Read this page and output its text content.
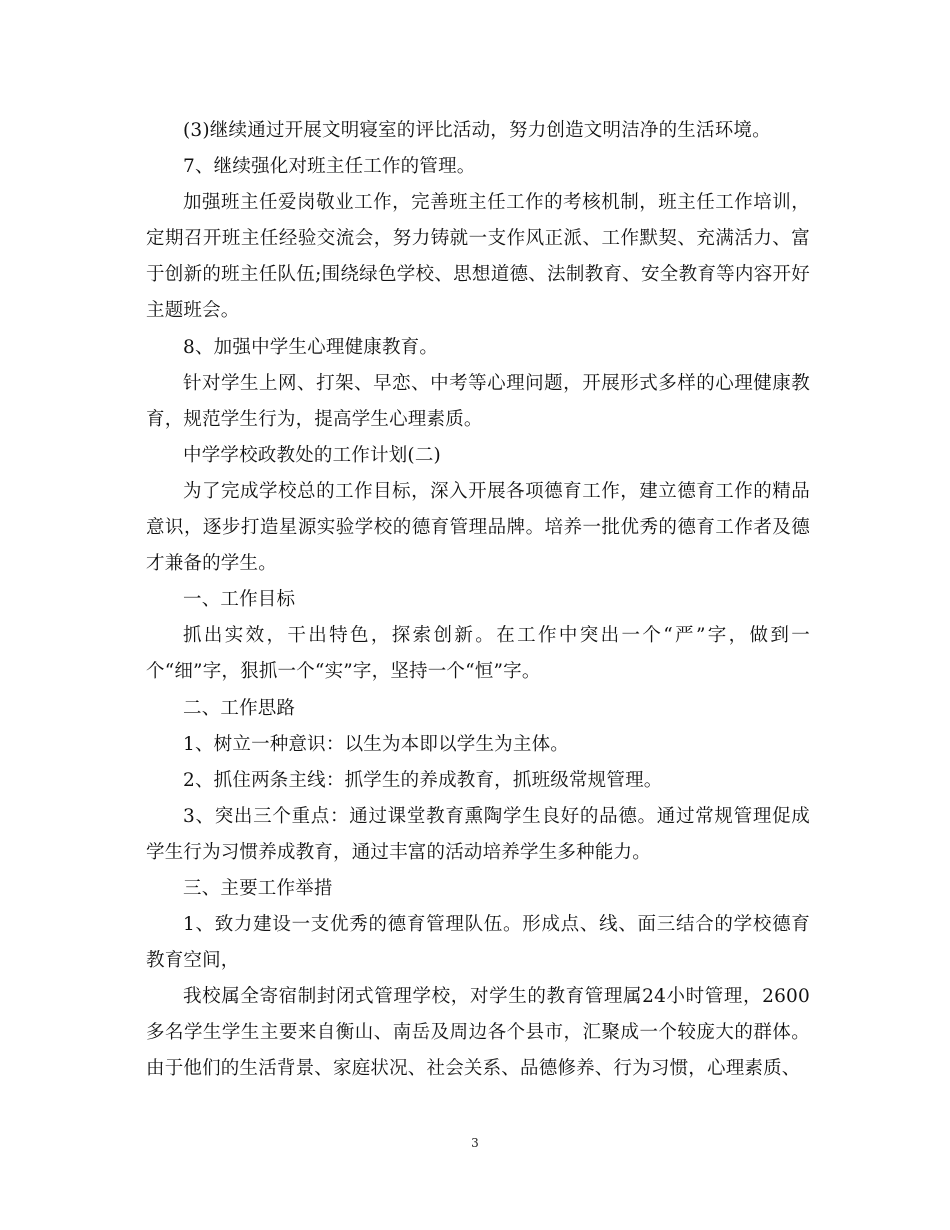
(3)继续通过开展文明寝室的评比活动，努力创造文明洁净的生活环境。

7、继续强化对班主任工作的管理。

加强班主任爱岗敬业工作，完善班主任工作的考核机制，班主任工作培训，定期召开班主任经验交流会，努力铸就一支作风正派、工作默契、充满活力、富于创新的班主任队伍;围绕绿色学校、思想道德、法制教育、安全教育等内容开好主题班会。

8、加强中学生心理健康教育。

针对学生上网、打架、早恋、中考等心理问题，开展形式多样的心理健康教育，规范学生行为，提高学生心理素质。

中学学校政教处的工作计划(二)

为了完成学校总的工作目标，深入开展各项德育工作，建立德育工作的精品意识，逐步打造星源实验学校的德育管理品牌。培养一批优秀的德育工作者及德才兼备的学生。

一、工作目标

抓出实效，干出特色，探索创新。在工作中突出一个“严”字，做到一个“细”字，狠抓一个“实”字，坚持一个“恒”字。

二、工作思路

1、树立一种意识：以生为本即以学生为主体。

2、抓住两条主线：抓学生的养成教育，抓班级常规管理。

3、突出三个重点：通过课堂教育熏陶学生良好的品德。通过常规管理促成学生行为习惯养成教育，通过丰富的活动培养学生多种能力。

三、主要工作举措

1、致力建设一支优秀的德育管理队伍。形成点、线、面三结合的学校德育教育空间，

我校属全寄宿制封闭式管理学校，对学生的教育管理属24小时管理，2600多名学生学生主要来自衡山、南岳及周边各个县市，汇聚成一个较庞大的群体。由于他们的生活背景、家庭状况、社会关系、品德修养、行为习惯，心理素质、

3
